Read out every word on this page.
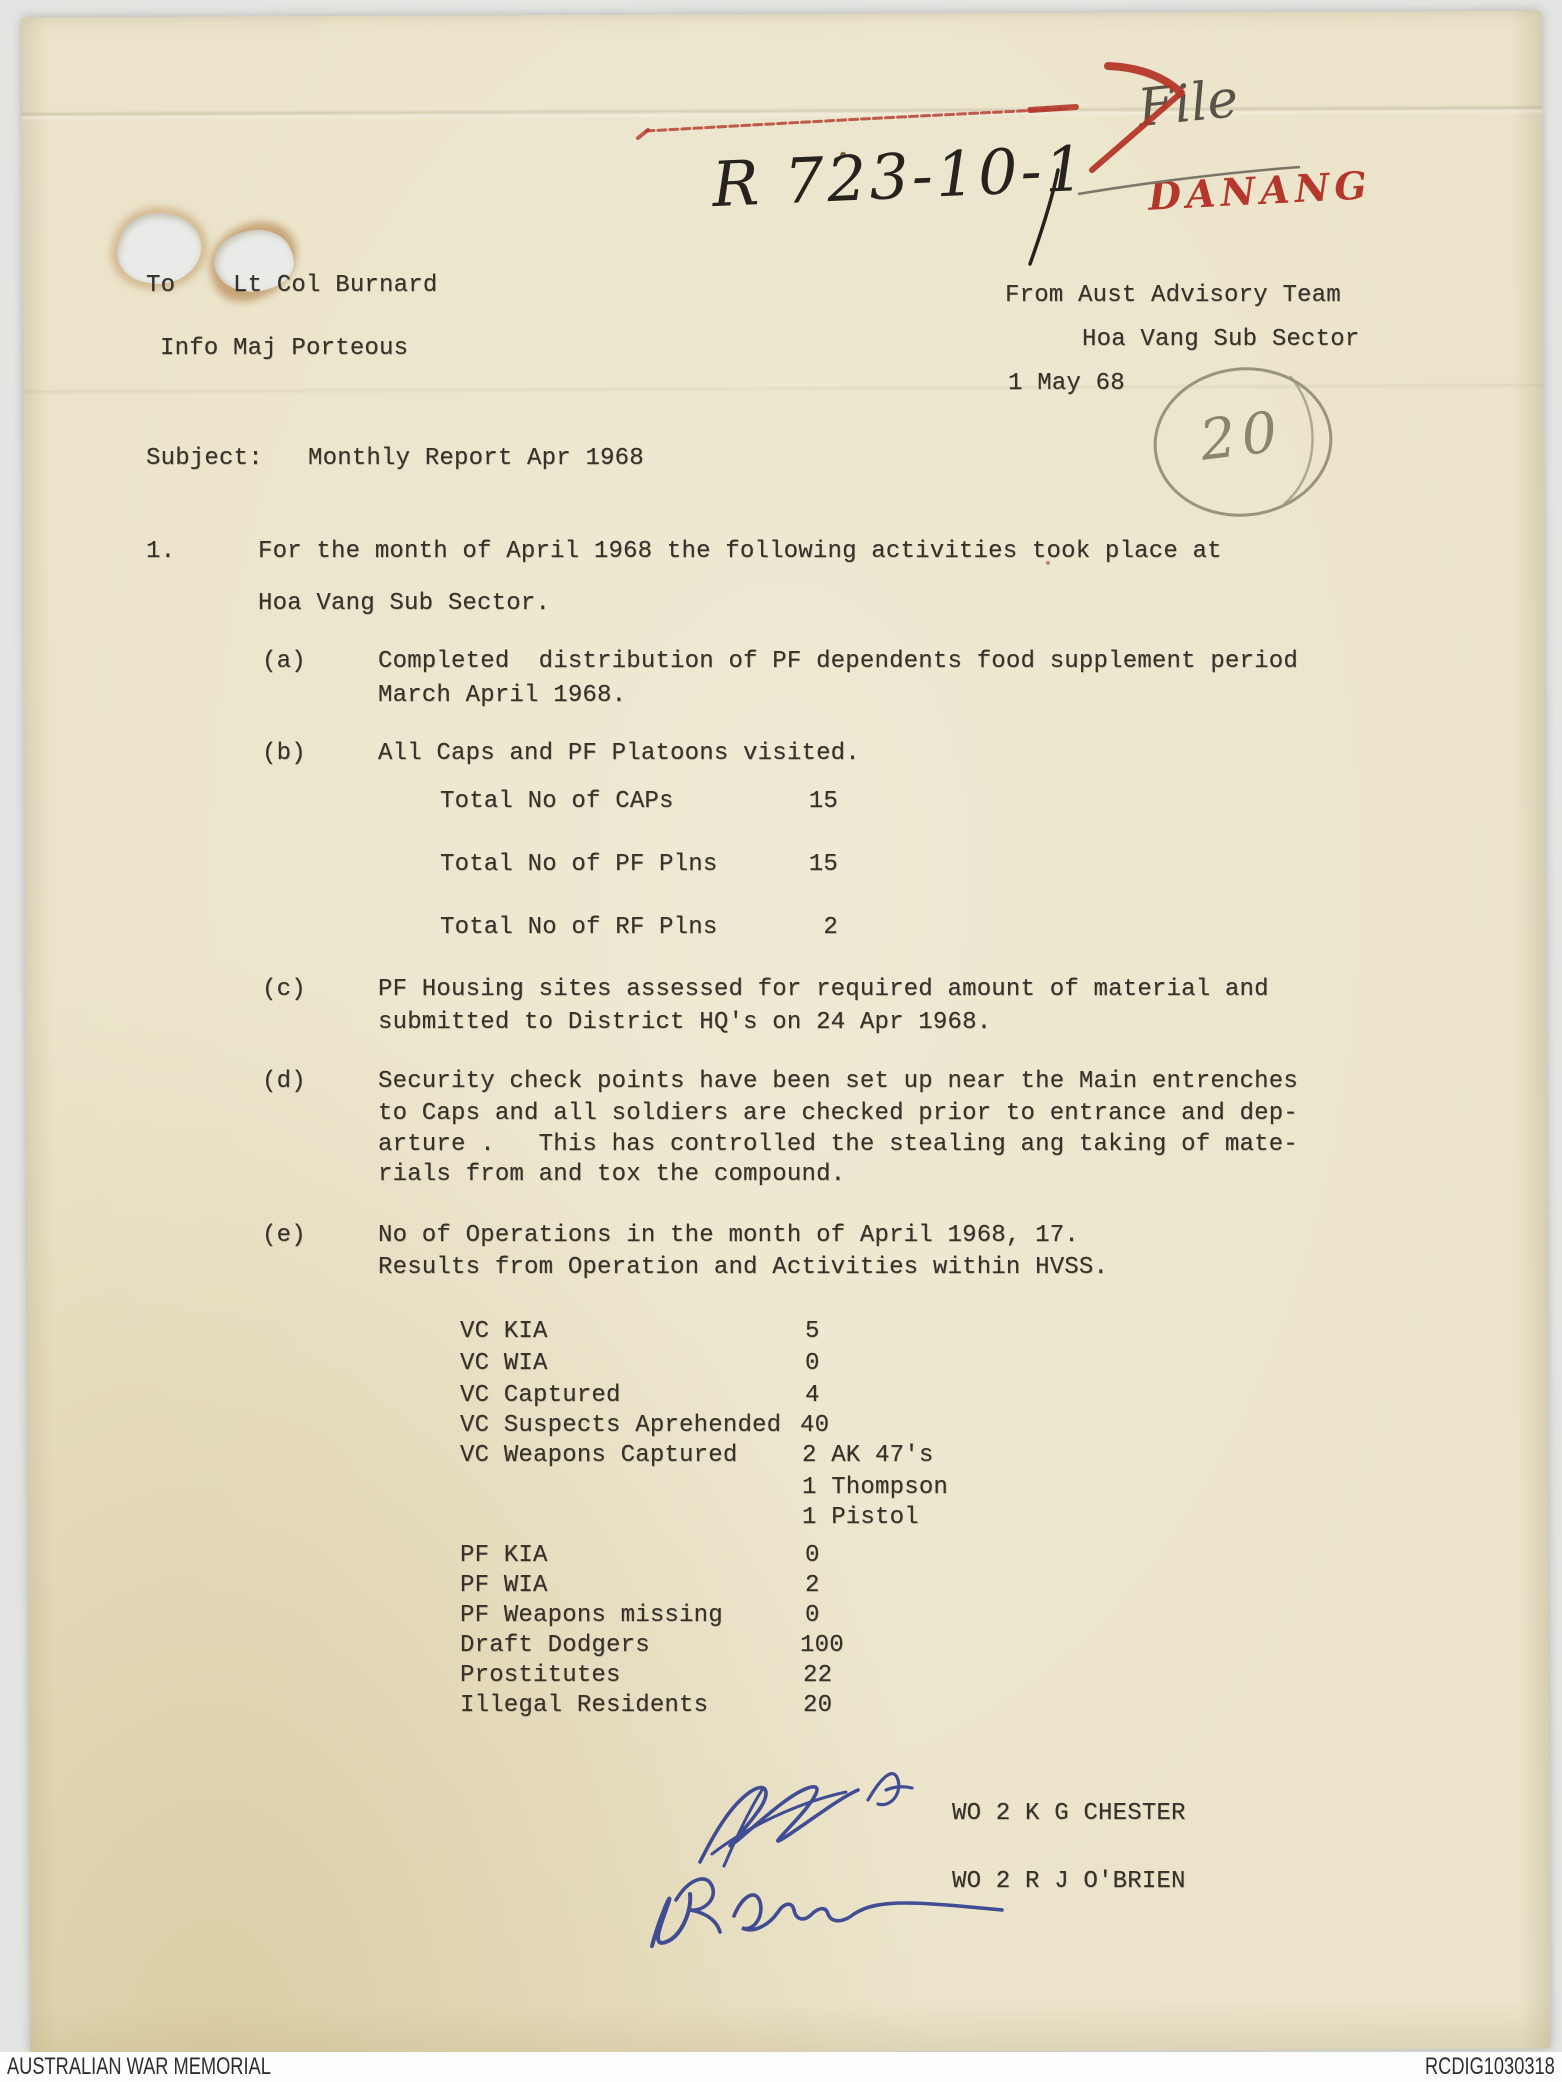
To Lt Col Burnard
Info Maj Porteous
From Aust Advisory Team
Hoa Vang Sub Sector
1 May 68
Subject: Monthly Report Apr 1968
1.	For the month of April 1968 the following activities took place at
Hoa Vang Sub Sector.
(a)	Completed  distribution of PF dependents food supplement period
March April 1968.
(b)	All Caps and PF Platoons visited.
Total No of CAPs	15
Total No of PF Plns	15
Total No of RF Plns	2
(c)	PF Housing sites assessed for required amount of material and
submitted to District HQ's on 24 Apr 1968.
(d)	Security check points have been set up near the Main entrenches
to Caps and all soldiers are checked prior to entrance and dep-
arture .   This has controlled the stealing ang taking of mate-
rials from and tox the compound.
(e)	No of Operations in the month of April 1968, 17.
Results from Operation and Activities within HVSS.
VC KIA	5
VC WIA	0
VC Captured	4
VC Suspects Aprehended 40
VC Weapons Captured	2 AK 47's
1 Thompson
1 Pistol
PF KIA	0
PF WIA	2
PF Weapons missing	0
Draft Dodgers	100
Prostitutes	22
Illegal Residents	20
WO 2 K G CHESTER
WO 2 R J O'BRIEN
R 723-10-1
File
DANANG
20
AUSTRALIAN WAR MEMORIAL	RCDIG1030318
